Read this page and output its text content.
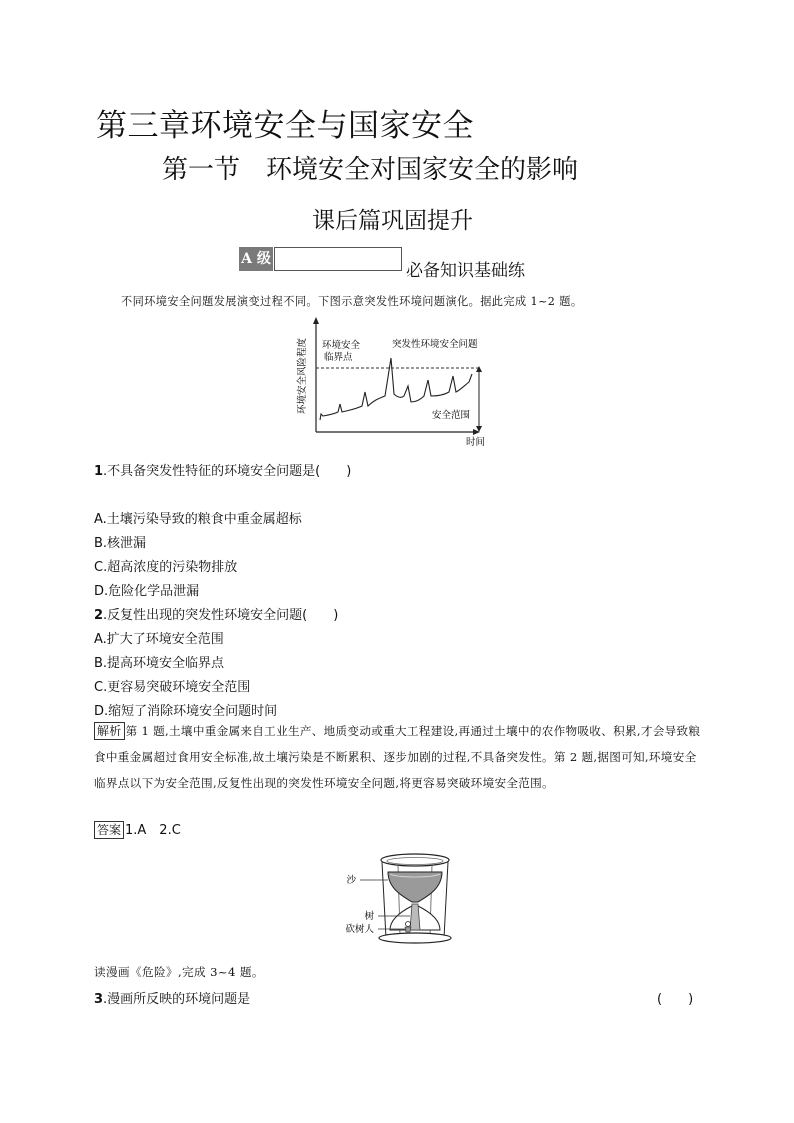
第三章环境安全与国家安全
第一节　环境安全对国家安全的影响
课后篇巩固提升
A 级
必备知识基础练
不同环境安全问题发展演变过程不同。下图示意突发性环境问题演化。据此完成 1~2 题。
环境安全风险程度 环境安全
临界点
突发性环境安全问题
安全范围
时间
1.不具备突发性特征的环境安全问题是(　　)
A.土壤污染导致的粮食中重金属超标
B.核泄漏
C.超高浓度的污染物排放
D.危险化学品泄漏
2.反复性出现的突发性环境安全问题(　　)
A.扩大了环境安全范围
B.提高环境安全临界点
C.更容易突破环境安全范围
D.缩短了消除环境安全问题时间
解析 第 1 题,土壤中重金属来自工业生产、地质变动或重大工程建设,再通过土壤中的农作物吸收、积累,才会导致粮食中重金属超过食用安全标准,故土壤污染是不断累积、逐步加剧的过程,不具备突发性。第 2 题,据图可知,环境安全临界点以下为安全范围,反复性出现的突发性环境安全问题,将更容易突破环境安全范围。
答案 1.A　2.C
沙
树
砍树人
读漫画《危险》,完成 3~4 题。
3.漫画所反映的环境问题是	(　　)
